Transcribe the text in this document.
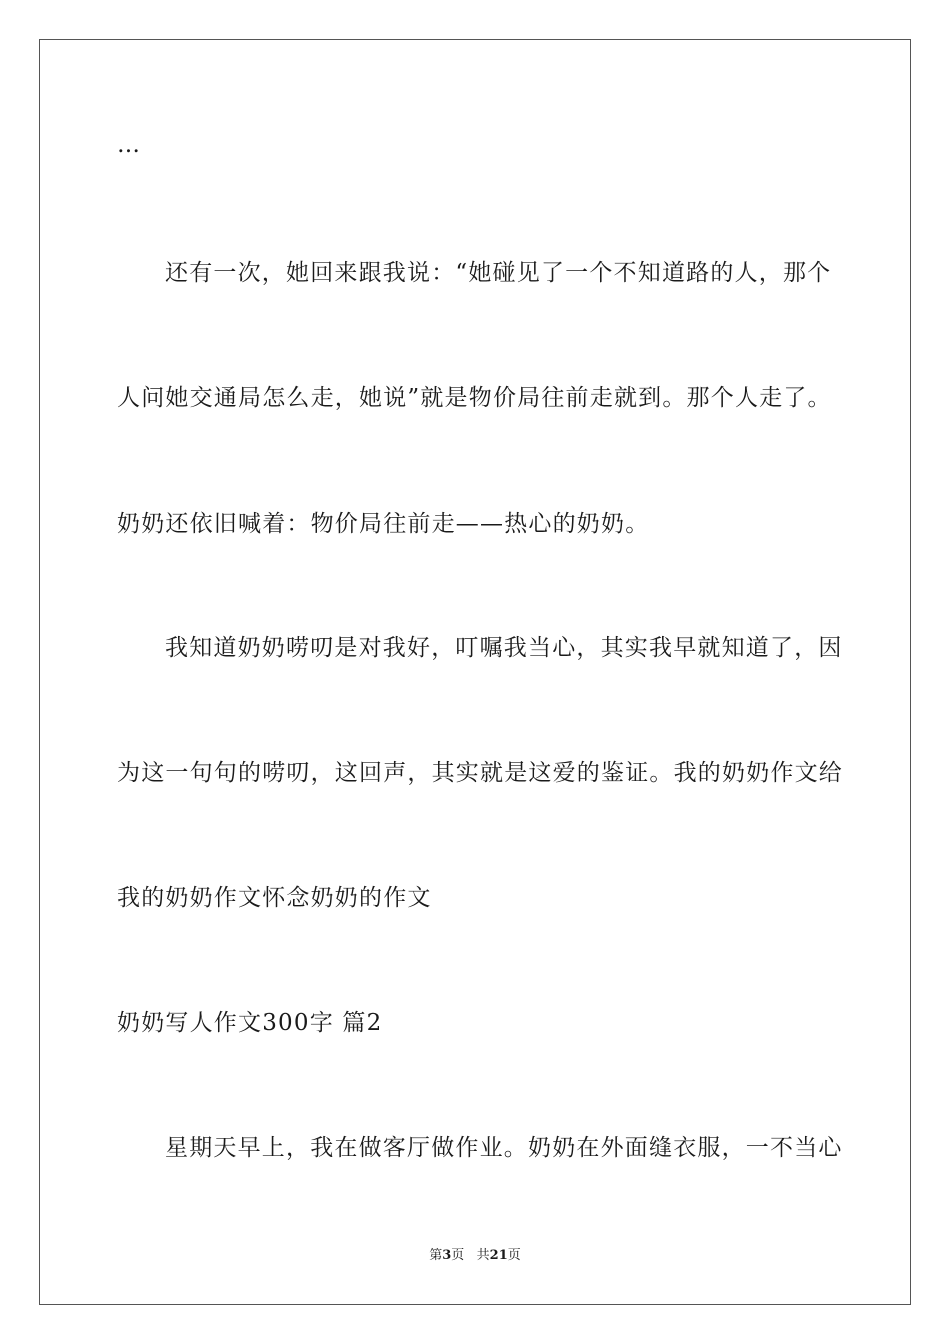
…
还有一次，她回来跟我说：“她碰见了一个不知道路的人，那个
人问她交通局怎么走，她说”就是物价局往前走就到。那个人走了。
奶奶还依旧喊着：物价局往前走——热心的奶奶。
我知道奶奶唠叨是对我好，叮嘱我当心，其实我早就知道了，因
为这一句句的唠叨，这回声，其实就是这爱的鉴证。我的奶奶作文给
我的奶奶作文怀念奶奶的作文
奶奶写人作文300字 篇2
星期天早上，我在做客厅做作业。奶奶在外面缝衣服，一不当心
第3页   共21页
